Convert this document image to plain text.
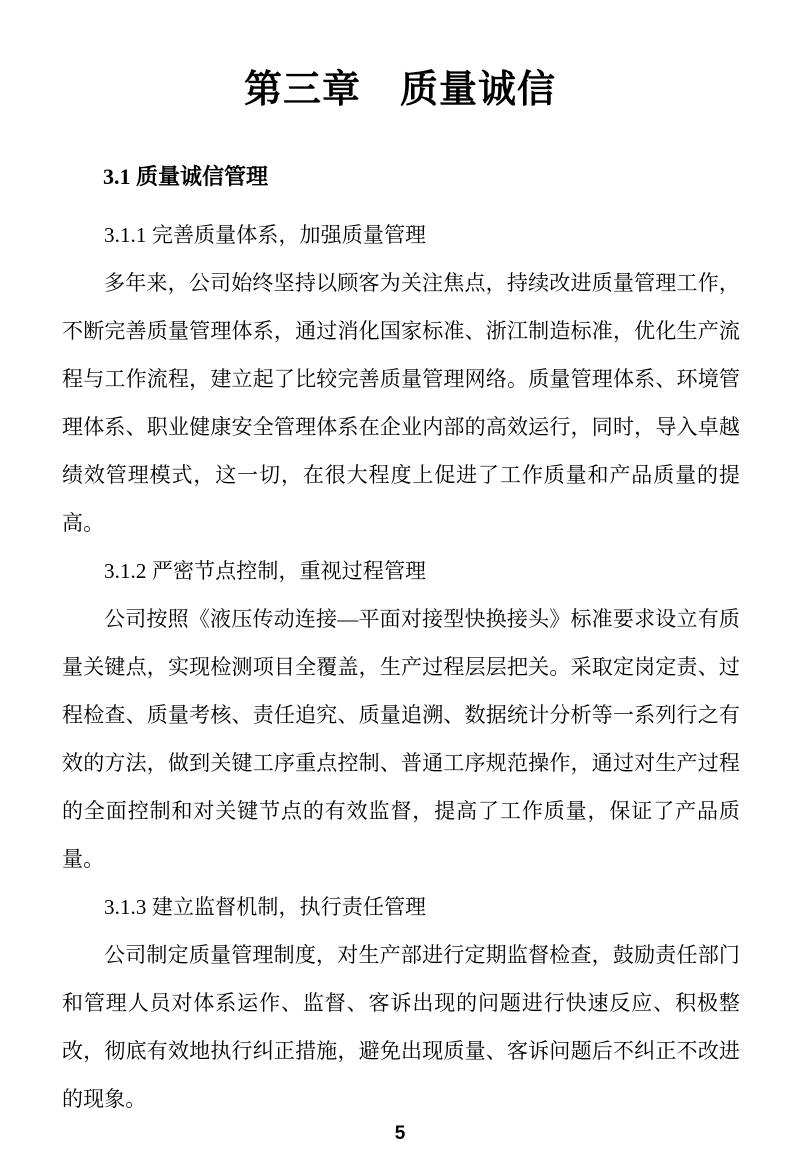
第三章　质量诚信
3.1 质量诚信管理
3.1.1 完善质量体系，加强质量管理
多年来，公司始终坚持以顾客为关注焦点，持续改进质量管理工作，
不断完善质量管理体系，通过消化国家标准、浙江制造标准，优化生产流
程与工作流程，建立起了比较完善质量管理网络。质量管理体系、环境管
理体系、职业健康安全管理体系在企业内部的高效运行，同时，导入卓越
绩效管理模式，这一切，在很大程度上促进了工作质量和产品质量的提
高。
3.1.2 严密节点控制，重视过程管理
公司按照《液压传动连接—平面对接型快换接头》标准要求设立有质
量关键点，实现检测项目全覆盖，生产过程层层把关。采取定岗定责、过
程检查、质量考核、责任追究、质量追溯、数据统计分析等一系列行之有
效的方法，做到关键工序重点控制、普通工序规范操作，通过对生产过程
的全面控制和对关键节点的有效监督，提高了工作质量，保证了产品质
量。
3.1.3 建立监督机制，执行责任管理
公司制定质量管理制度，对生产部进行定期监督检查，鼓励责任部门
和管理人员对体系运作、监督、客诉出现的问题进行快速反应、积极整
改，彻底有效地执行纠正措施，避免出现质量、客诉问题后不纠正不改进
的现象。
5
